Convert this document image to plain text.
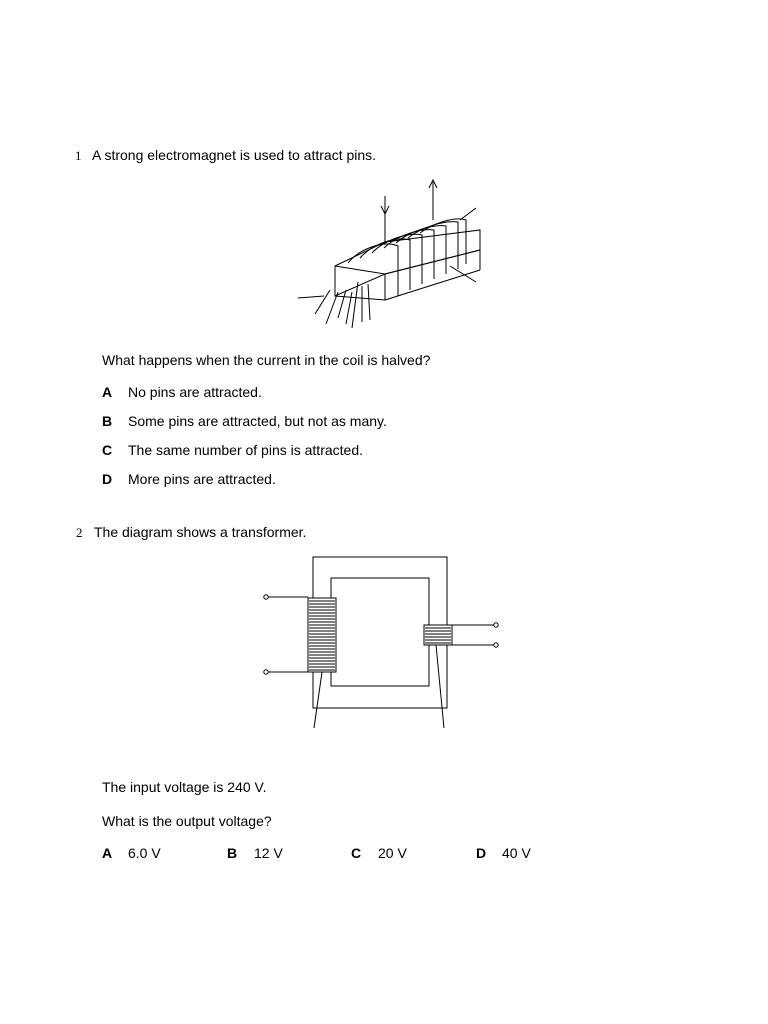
1 A strong electromagnet is used to attract pins.
What happens when the current in the coil is halved?
A No pins are attracted.
B Some pins are attracted, but not as many.
C The same number of pins is attracted.
D More pins are attracted.
2 The diagram shows a transformer.
The input voltage is 240 V.
What is the output voltage?
A 6.0 V	B 12 V	C 20 V	D 40 V
